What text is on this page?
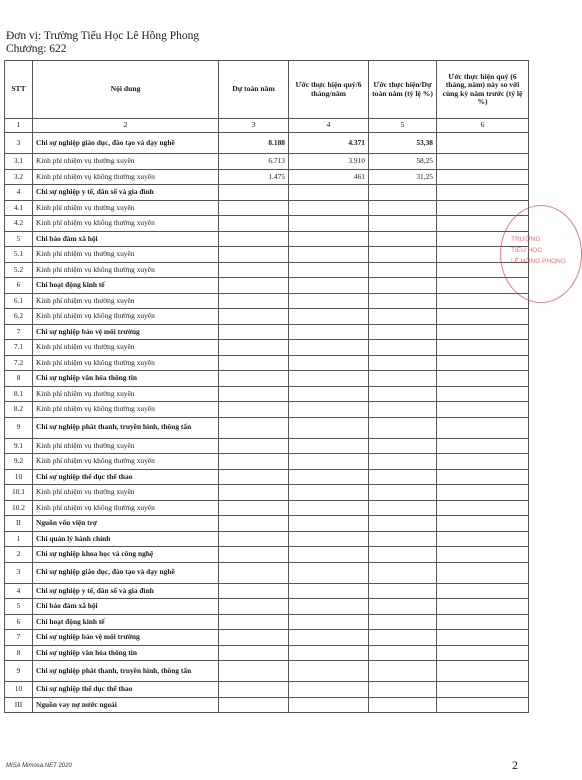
Đơn vị: Trường Tiểu Học Lê Hồng Phong
Chương: 622
STT	Nội dung	Dự toán năm	Ước thực hiện quý/6 tháng/năm	Ước thực hiện/Dự toán năm (tỷ lệ %)	Ước thực hiện quý (6 tháng, năm) này so với cùng kỳ năm trước (tỷ lệ %)
1	2	3	4	5	6
3	Chi sự nghiệp giáo dục, đào tạo và dạy nghề	8.188	4.371	53,38	
3.1	Kinh phí nhiệm vụ thường xuyên	6.713	3.910	58,25	
3.2	Kinh phí nhiệm vụ không thường xuyên	1.475	461	31,25	
4	Chi sự nghiệp y tế, dân số và gia đình				
4.1	Kinh phí nhiệm vụ thường xuyên				
4.2	Kinh phí nhiệm vụ không thường xuyên				
5	Chi bảo đảm xã hội				
5.1	Kinh phí nhiệm vụ thường xuyên				
5.2	Kinh phí nhiệm vụ không thường xuyên				
6	Chi hoạt động kinh tế				
6.1	Kinh phí nhiệm vụ thường xuyên				
6.2	Kinh phí nhiệm vụ không thường xuyên				
7	Chi sự nghiệp bảo vệ môi trường				
7.1	Kinh phí nhiệm vụ thường xuyên				
7.2	Kinh phí nhiệm vụ không thường xuyên				
8	Chi sự nghiệp văn hóa thông tin				
8.1	Kinh phí nhiệm vụ thường xuyên				
8.2	Kinh phí nhiệm vụ không thường xuyên				
9	Chi sự nghiệp phát thanh, truyền hình, thông tấn				
9.1	Kinh phí nhiệm vụ thường xuyên				
9.2	Kinh phí nhiệm vụ không thường xuyên				
10	Chi sự nghiệp thể dục thể thao				
10.1	Kinh phí nhiệm vụ thường xuyên				
10.2	Kinh phí nhiệm vụ không thường xuyên				
II	Nguồn vốn viện trợ				
1	Chi quản lý hành chính				
2	Chi sự nghiệp khoa học và công nghệ				
3	Chi sự nghiệp giáo dục, đào tạo và dạy nghề				
4	Chi sự nghiệp y tế, dân số và gia đình				
5	Chi bảo đảm xã hội				
6	Chi hoạt động kinh tế				
7	Chi sự nghiệp bảo vệ môi trường				
8	Chi sự nghiệp văn hóa thông tin				
9	Chi sự nghiệp phát thanh, truyền hình, thông tấn				
10	Chi sự nghiệp thể dục thể thao				
III	Nguồn vay nợ nước ngoài				
TRƯỜNG
TIỂU HỌC
LÊ HỒNG PHONG
MISA Mimosa.NET 2020	2
